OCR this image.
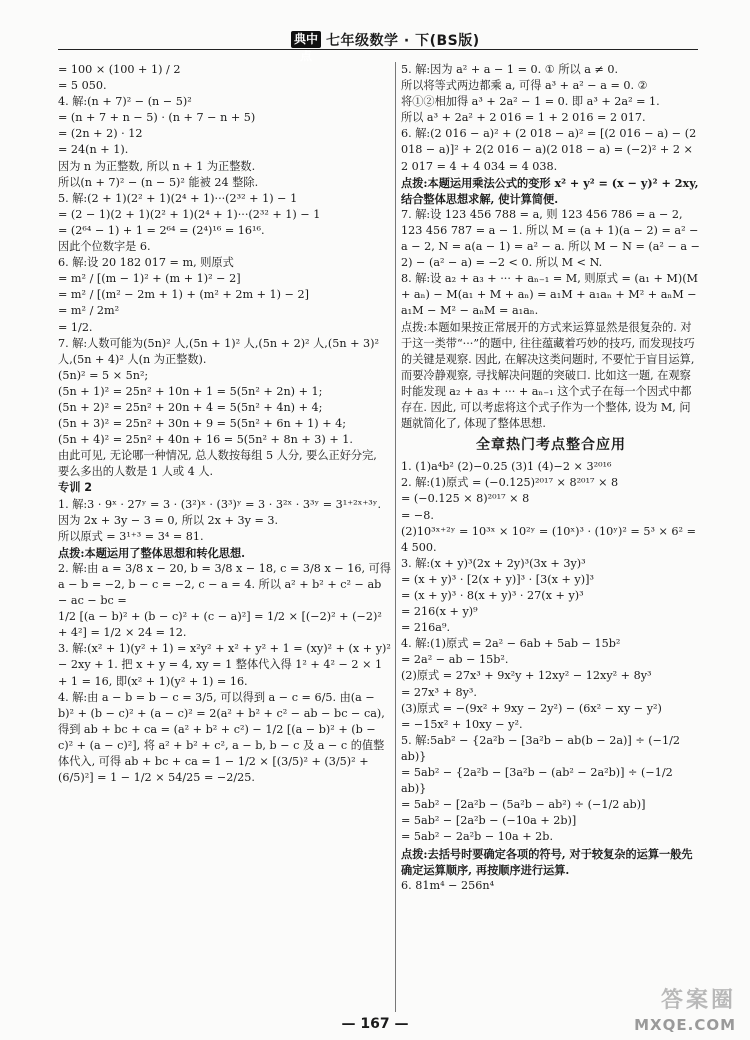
典中点
七年级数学 · 下(BS版)
= 100 × (100 + 1) / 2
= 5 050.
4. 解:(n + 7)² − (n − 5)²
= (n + 7 + n − 5) · (n + 7 − n + 5)
= (2n + 2) · 12
= 24(n + 1).
因为 n 为正整数, 所以 n + 1 为正整数.
所以(n + 7)² − (n − 5)² 能被 24 整除.
5. 解:(2 + 1)(2² + 1)(2⁴ + 1)···(2³² + 1) − 1
= (2 − 1)(2 + 1)(2² + 1)(2⁴ + 1)···(2³² + 1) − 1
= (2⁶⁴ − 1) + 1 = 2⁶⁴ = (2⁴)¹⁶ = 16¹⁶.
因此个位数字是 6.
6. 解:设 20 182 017 = m, 则原式
= m² / [(m − 1)² + (m + 1)² − 2]
= m² / [(m² − 2m + 1) + (m² + 2m + 1) − 2]
= m² / 2m²
= 1/2.
7. 解:人数可能为(5n)² 人,(5n + 1)² 人,(5n + 2)² 人,(5n + 3)² 人,(5n + 4)² 人(n 为正整数).
(5n)² = 5 × 5n²;
(5n + 1)² = 25n² + 10n + 1 = 5(5n² + 2n) + 1;
(5n + 2)² = 25n² + 20n + 4 = 5(5n² + 4n) + 4;
(5n + 3)² = 25n² + 30n + 9 = 5(5n² + 6n + 1) + 4;
(5n + 4)² = 25n² + 40n + 16 = 5(5n² + 8n + 3) + 1.
由此可见, 无论哪一种情况, 总人数按每组 5 人分, 要么正好分完, 要么多出的人数是 1 人或 4 人.
专训 2
1. 解:3 · 9ˣ · 27ʸ = 3 · (3²)ˣ · (3³)ʸ = 3 · 3²ˣ · 3³ʸ = 3¹⁺²ˣ⁺³ʸ.
因为 2x + 3y − 3 = 0, 所以 2x + 3y = 3.
所以原式 = 3¹⁺³ = 3⁴ = 81.
点拨:本题运用了整体思想和转化思想.
2. 解:由 a = 3/8 x − 20, b = 3/8 x − 18, c = 3/8 x − 16, 可得 a − b = −2, b − c = −2, c − a = 4. 所以 a² + b² + c² − ab − ac − bc =
1/2 [(a − b)² + (b − c)² + (c − a)²] = 1/2 × [(−2)² + (−2)² + 4²] = 1/2 × 24 = 12.
3. 解:(x² + 1)(y² + 1) = x²y² + x² + y² + 1 = (xy)² + (x + y)² − 2xy + 1. 把 x + y = 4, xy = 1 整体代入得 1² + 4² − 2 × 1 + 1 = 16, 即(x² + 1)(y² + 1) = 16.
4. 解:由 a − b = b − c = 3/5, 可以得到 a − c = 6/5. 由(a − b)² + (b − c)² + (a − c)² = 2(a² + b² + c² − ab − bc − ca), 得到 ab + bc + ca = (a² + b² + c²) − 1/2 [(a − b)² + (b − c)² + (a − c)²], 将 a² + b² + c², a − b, b − c 及 a − c 的值整体代入, 可得 ab + bc + ca = 1 − 1/2 × [(3/5)² + (3/5)² + (6/5)²] = 1 − 1/2 × 54/25 = −2/25.
5. 解:因为 a² + a − 1 = 0. ① 所以 a ≠ 0.
所以将等式两边都乘 a, 可得 a³ + a² − a = 0. ②
将①②相加得 a³ + 2a² − 1 = 0. 即 a³ + 2a² = 1.
所以 a³ + 2a² + 2 016 = 1 + 2 016 = 2 017.
6. 解:(2 016 − a)² + (2 018 − a)² = [(2 016 − a) − (2 018 − a)]² + 2(2 016 − a)(2 018 − a) = (−2)² + 2 × 2 017 = 4 + 4 034 = 4 038.
点拨:本题运用乘法公式的变形 x² + y² = (x − y)² + 2xy, 结合整体思想求解, 使计算简便.
7. 解:设 123 456 788 = a, 则 123 456 786 = a − 2, 123 456 787 = a − 1. 所以 M = (a + 1)(a − 2) = a² − a − 2, N = a(a − 1) = a² − a. 所以 M − N = (a² − a − 2) − (a² − a) = −2 < 0. 所以 M < N.
8. 解:设 a₂ + a₃ + ··· + aₙ₋₁ = M, 则原式 = (a₁ + M)(M + aₙ) − M(a₁ + M + aₙ) = a₁M + a₁aₙ + M² + aₙM − a₁M − M² − aₙM = a₁aₙ.
点拨:本题如果按正常展开的方式来运算显然是很复杂的. 对于这一类带“···”的题中, 往往蕴藏着巧妙的技巧, 而发现技巧的关键是观察. 因此, 在解决这类问题时, 不要忙于盲目运算, 而要冷静观察, 寻找解决问题的突破口. 比如这一题, 在观察时能发现 a₂ + a₃ + ··· + aₙ₋₁ 这个式子在每一个因式中都存在. 因此, 可以考虑将这个式子作为一个整体, 设为 M, 问题就简化了, 体现了整体思想.
全章热门考点整合应用
1. (1)a⁴b² (2)−0.25 (3)1 (4)−2 × 3²⁰¹⁶
2. 解:(1)原式 = (−0.125)²⁰¹⁷ × 8²⁰¹⁷ × 8
= (−0.125 × 8)²⁰¹⁷ × 8
= −8.
(2)10³ˣ⁺²ʸ = 10³ˣ × 10²ʸ = (10ˣ)³ · (10ʸ)² = 5³ × 6² = 4 500.
3. 解:(x + y)³(2x + 2y)³(3x + 3y)³
= (x + y)³ · [2(x + y)]³ · [3(x + y)]³
= (x + y)³ · 8(x + y)³ · 27(x + y)³
= 216(x + y)⁹
= 216a⁹.
4. 解:(1)原式 = 2a² − 6ab + 5ab − 15b²
= 2a² − ab − 15b².
(2)原式 = 27x³ + 9x²y + 12xy² − 12xy² + 8y³
= 27x³ + 8y³.
(3)原式 = −(9x² + 9xy − 2y²) − (6x² − xy − y²)
= −15x² + 10xy − y².
5. 解:5ab² − {2a²b − [3a²b − ab(b − 2a)] ÷ (−1/2 ab)}
= 5ab² − {2a²b − [3a²b − (ab² − 2a²b)] ÷ (−1/2 ab)}
= 5ab² − [2a²b − (5a²b − ab²) ÷ (−1/2 ab)]
= 5ab² − [2a²b − (−10a + 2b)]
= 5ab² − 2a²b − 10a + 2b.
点拨:去括号时要确定各项的符号, 对于较复杂的运算一般先确定运算顺序, 再按顺序进行运算.
6. 81m⁴ − 256n⁴
— 167 —
答案圈
MXQE.COM
